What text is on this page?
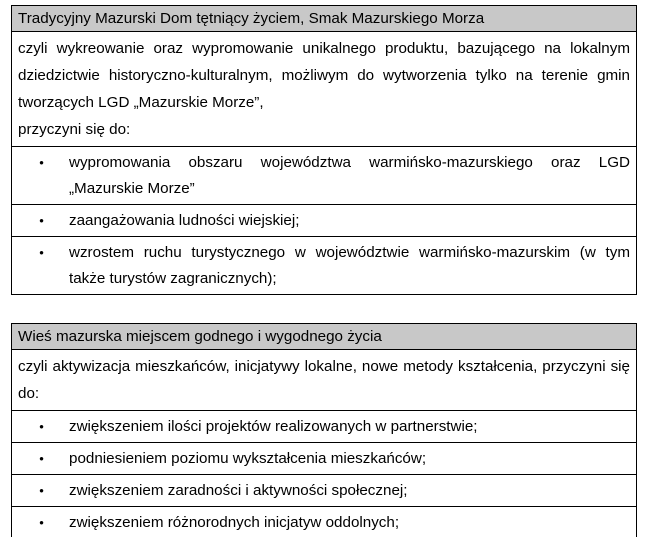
Tradycyjny Mazurski Dom tętniący życiem, Smak Mazurskiego Morza

czyli wykreowanie oraz wypromowanie unikalnego produktu, bazującego na lokalnym dziedzictwie historyczno-kulturalnym, możliwym do wytworzenia tylko na terenie gmin tworzących LGD „Mazurskie Morze”,
przyczyni się do:

•	wypromowania obszaru województwa warmińsko-mazurskiego oraz LGD „Mazurskie Morze”

•	zaangażowania ludności wiejskiej;

•	wzrostem ruchu turystycznego w województwie warmińsko-mazurskim (w tym także turystów zagranicznych);
Wieś mazurska miejscem godnego i wygodnego życia

czyli aktywizacja mieszkańców, inicjatywy lokalne, nowe metody kształcenia, przyczyni się do:

•	zwiększeniem ilości projektów realizowanych w partnerstwie;

•	podniesieniem poziomu wykształcenia mieszkańców;

•	zwiększeniem zaradności i aktywności społecznej;

•	zwiększeniem różnorodnych inicjatyw oddolnych;
